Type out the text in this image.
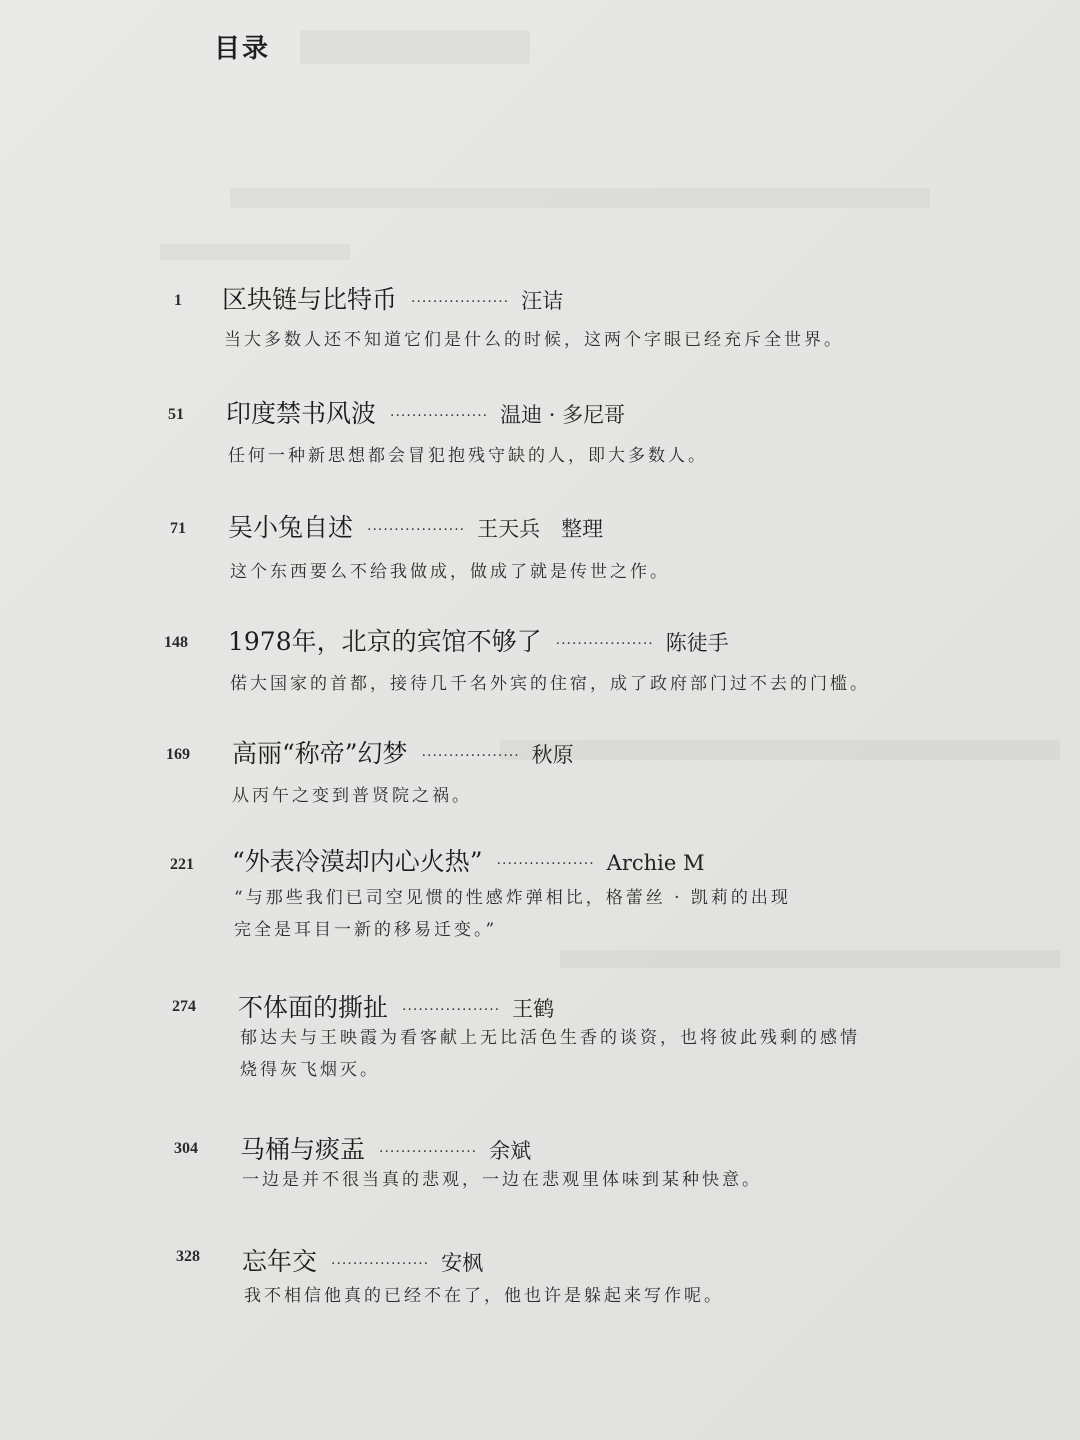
目录
1 区块链与比特币 ·················· 汪诘
当大多数人还不知道它们是什么的时候，这两个字眼已经充斥全世界。
51 印度禁书风波 ·················· 温迪 · 多尼哥
任何一种新思想都会冒犯抱残守缺的人，即大多数人。
71 吴小兔自述 ·················· 王天兵　整理
这个东西要么不给我做成，做成了就是传世之作。
148 1978年，北京的宾馆不够了 ·················· 陈徒手
偌大国家的首都，接待几千名外宾的住宿，成了政府部门过不去的门槛。
169 高丽“称帝”幻梦 ·················· 秋原
从丙午之变到普贤院之祸。
221 “外表冷漠却内心火热” ·················· Archie M
“与那些我们已司空见惯的性感炸弹相比，格蕾丝 · 凯莉的出现
完全是耳目一新的移易迁变。”
274 不体面的撕扯 ·················· 王鹤
郁达夫与王映霞为看客献上无比活色生香的谈资，也将彼此残剩的感情
烧得灰飞烟灭。
304 马桶与痰盂 ·················· 余斌
一边是并不很当真的悲观，一边在悲观里体味到某种快意。
328 忘年交 ·················· 安枫
我不相信他真的已经不在了，他也许是躲起来写作呢。
